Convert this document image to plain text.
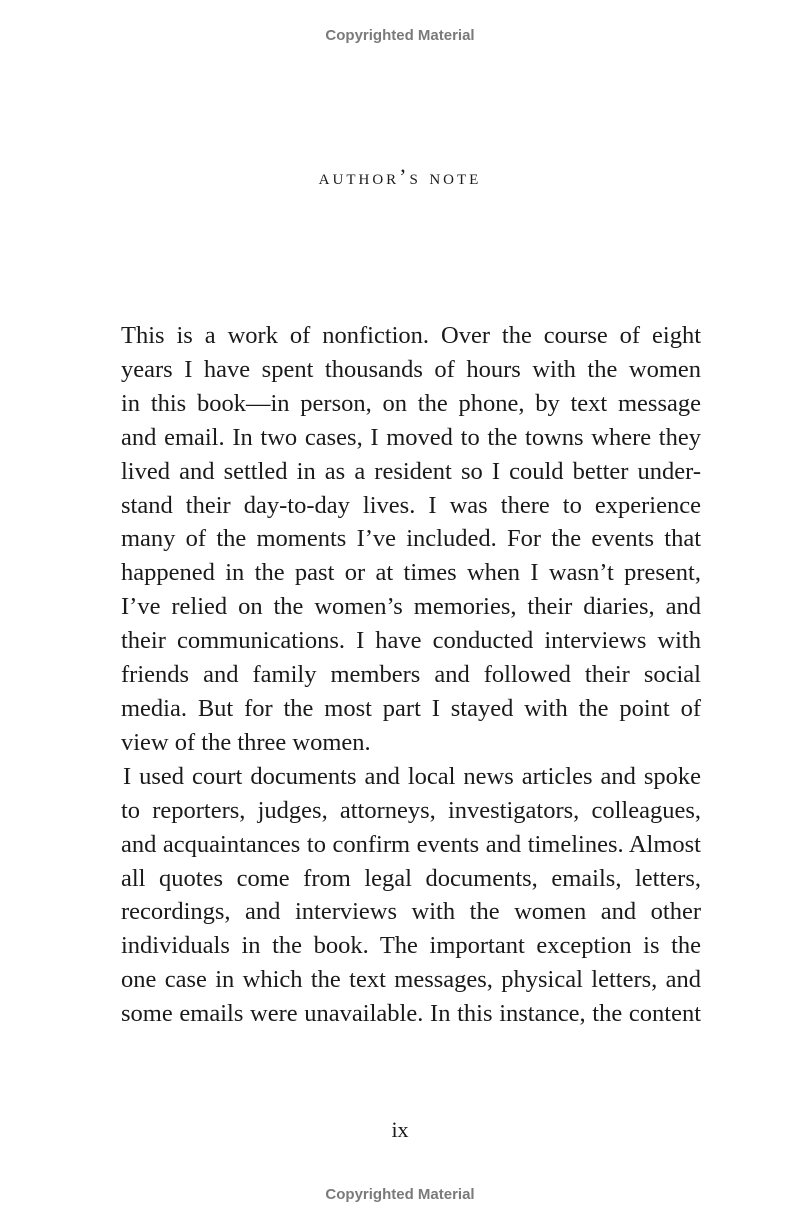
Copyrighted Material
author’s note
This is a work of nonfiction. Over the course of eight
years I have spent thousands of hours with the women
in this book—in person, on the phone, by text message
and email. In two cases, I moved to the towns where they
lived and settled in as a resident so I could better under-
stand their day-to-day lives. I was there to experience
many of the moments I’ve included. For the events that
happened in the past or at times when I wasn’t present,
I’ve relied on the women’s memories, their diaries, and
their communications. I have conducted interviews with
friends and family members and followed their social
media. But for the most part I stayed with the point of
view of the three women.
I used court documents and local news articles and spoke
to reporters, judges, attorneys, investigators, colleagues,
and acquaintances to confirm events and timelines. Almost
all quotes come from legal documents, emails, letters,
recordings, and interviews with the women and other
individuals in the book. The important exception is the
one case in which the text messages, physical letters, and
some emails were unavailable. In this instance, the content
ix
Copyrighted Material
